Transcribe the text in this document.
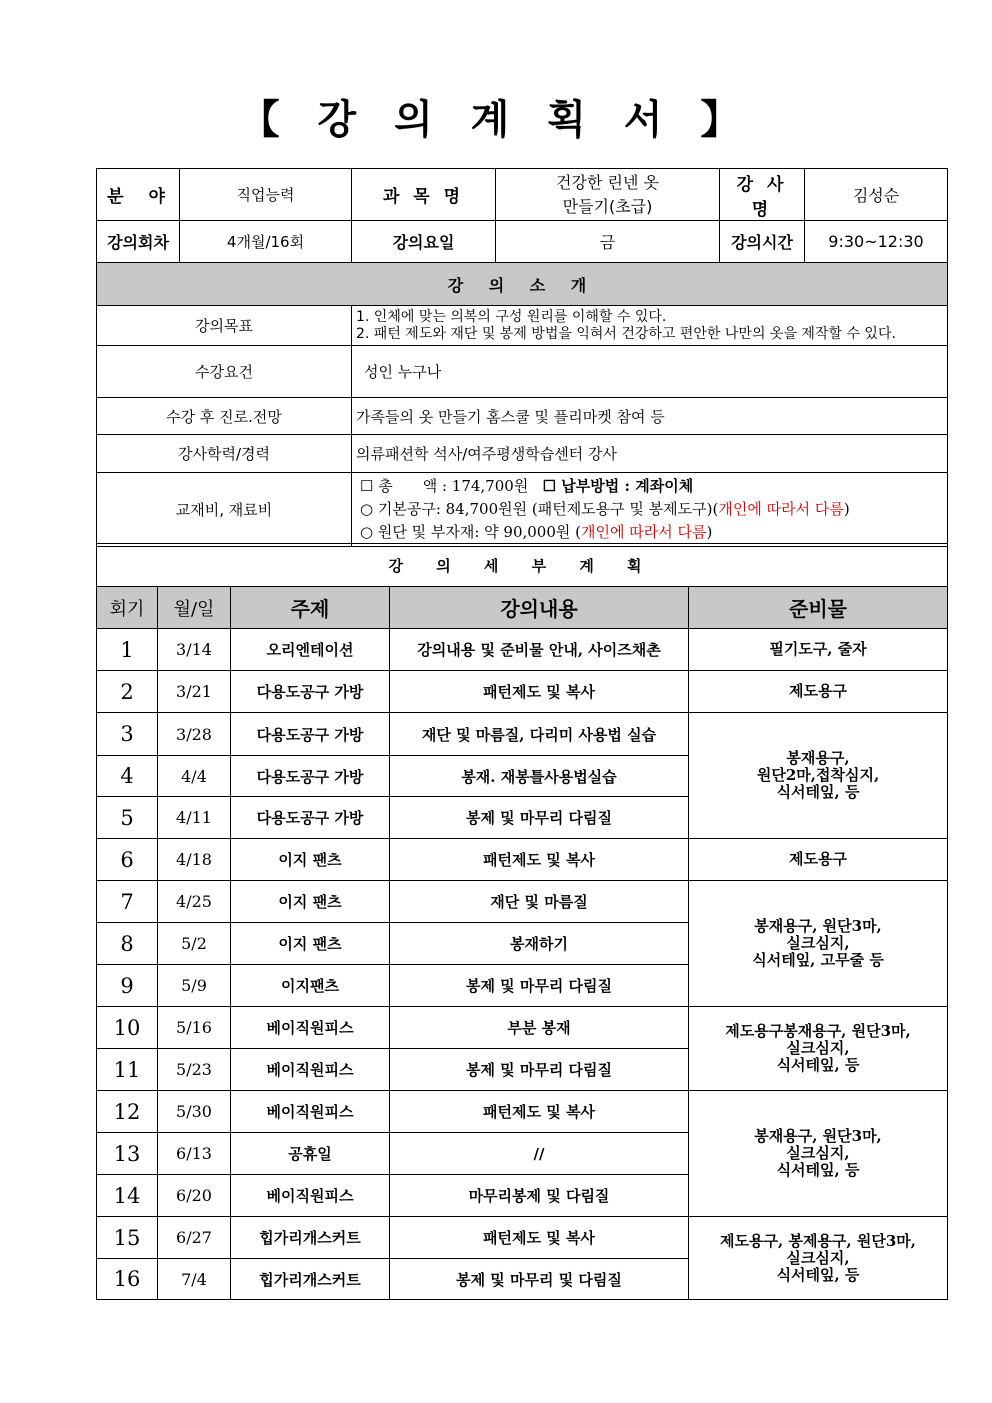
【 강 의 계 획 서 】
분　야	직업능력	과 목 명	건강한 린넨 옷
만들기(초급)	강 사 명	김성순
강의회차	4개월/16회	강의요일	금	강의시간	9:30~12:30
강 의 소 개					
강의목표		1. 인체에 맞는 의복의 구성 원리를 이해할 수 있다.
2. 패턴 제도와 재단 및 봉제 방법을 익혀서 건강하고 편안한 나만의 옷을 제작할 수 있다.			

수강요건		성인 누구나			
수강 후 진로.전망		가족들의 옷 만들기 홈스쿨 및 플리마켓 참여 등			
강사학력/경력		의류패션학 석사/여주평생학습센터 강사			
교재비, 재료비		☐ 총　　액 : 174,700원 ☐ 납부방법 : 계좌이체
○ 기본공구: 84,700원원 (패턴제도용구 및 봉제도구)(개인에 따라서 다름)
○ 원단 및 부자재: 약 90,000원 (개인에 따라서 다름)			
강 의 세 부 계 획				
회기	월/일	주제	강의내용	준비물
1	3/14	오리엔테이션	강의내용 및 준비물 안내, 사이즈채촌	필기도구, 줄자
2	3/21	다용도공구 가방	패턴제도 및 복사	제도용구
3	3/28	다용도공구 가방	재단 및 마름질, 다리미 사용법 실습	봉재용구,
원단2마,접착심지,
식서테잎, 등

4	4/4	다용도공구 가방	봉재. 재봉틀사용법실습	
5	4/11	다용도공구 가방	봉제 및 마무리 다림질	
6	4/18	이지 팬츠	패턴제도 및 복사	제도용구
7	4/25	이지 팬츠	재단 및 마름질	봉재용구, 원단3마,
실크심지,
식서테잎, 고무줄 등

8	5/2	이지 팬츠	봉재하기	
9	5/9	이지팬츠	봉제 및 마무리 다림질	
10	5/16	베이직원피스	부분 봉재	제도용구봉재용구, 원단3마,
실크심지,
식서테잎, 등

11	5/23	베이직원피스	봉제 및 마무리 다림질	
12	5/30	베이직원피스	패턴제도 및 복사	봉재용구, 원단3마,
실크심지,
식서테잎, 등

13	6/13	공휴일	//	
14	6/20	베이직원피스	마무리봉제 및 다림질	
15	6/27	힙가리개스커트	패턴제도 및 복사	제도용구, 봉제용구, 원단3마,
실크심지,
식서테잎, 등

16	7/4	힙가리개스커트	봉제 및 마무리 및 다림질	
